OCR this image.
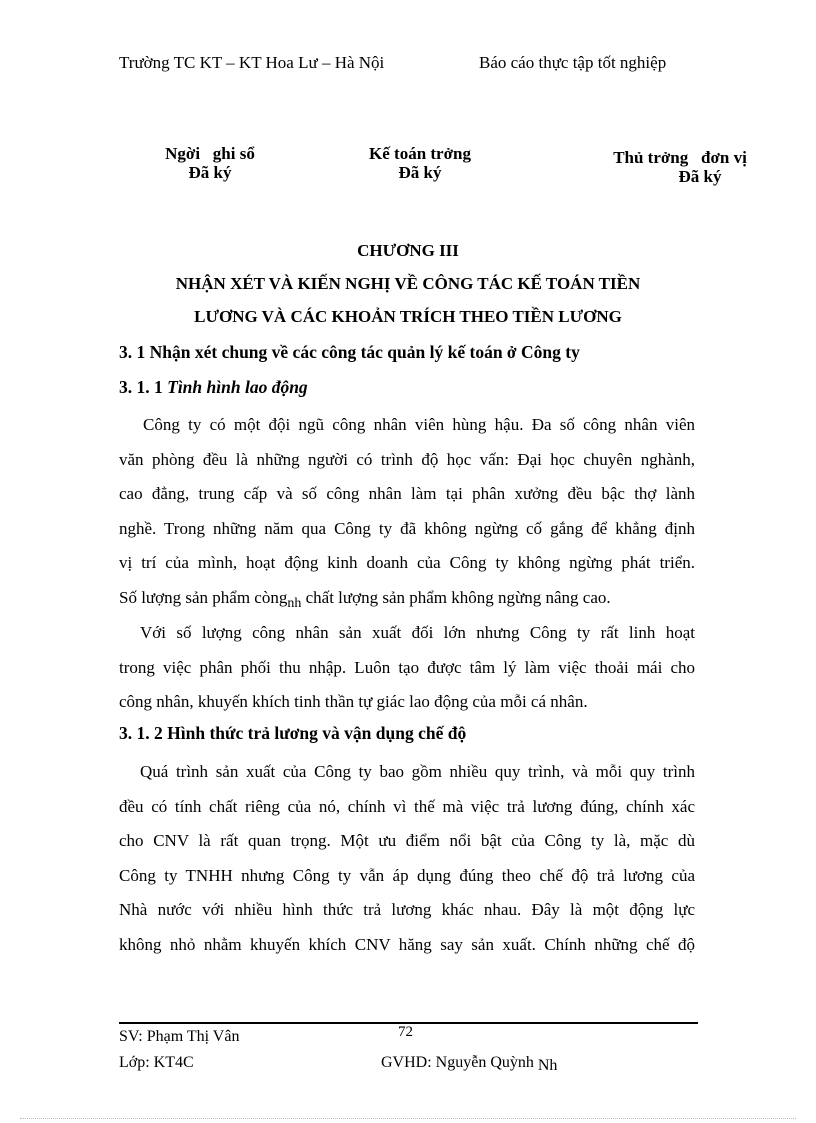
Trường TC KT – KT Hoa Lư – Hà Nội	Báo cáo thực tập tốt nghiệp
Ngời   ghi sổ
Đã ký
Kế toán trởng
Đã ký
Thủ trởng   đơn vị
Đã ký
CHƯƠNG III
NHẬN XÉT VÀ KIẾN NGHỊ VỀ CÔNG TÁC KẾ TOÁN TIỀN
LƯƠNG VÀ CÁC KHOẢN TRÍCH THEO TIỀN LƯƠNG
3. 1 Nhận xét chung về các công tác quản lý kế toán ở Công ty
3. 1. 1 Tình hình lao động
Công ty có một đội ngũ công nhân viên hùng hậu. Đa số công nhân viên
văn phòng đều là những người có trình độ học vấn: Đại học chuyên nghành,
cao đẳng, trung cấp và số công nhân làm tại phân xưởng đều bậc thợ lành
nghề. Trong những năm qua Công ty đã không ngừng cố gắng để khẳng định
vị trí của mình, hoạt động kinh doanh của Công ty không ngừng phát triển.
Số lượng sản phẩm còng$_{nh}$ chất lượng sản phẩm không ngừng nâng cao.
Với số lượng công nhân sản xuất đối lớn nhưng Công ty rất linh hoạt
trong việc phân phối thu nhập. Luôn tạo được tâm lý làm việc thoải mái cho
công nhân, khuyến khích tinh thần tự giác lao động của mỗi cá nhân.
3. 1. 2 Hình thức trả lương và vận dụng chế độ
Quá trình sản xuất của Công ty bao gồm nhiều quy trình, và mỗi quy trình
đều có tính chất riêng của nó, chính vì thế mà việc trả lương đúng, chính xác
cho CNV là rất quan trọng. Một ưu điểm nổi bật của Công ty là, mặc dù
Công ty TNHH nhưng Công ty vẫn áp dụng đúng theo chế độ trả lương của
Nhà nước với nhiều hình thức trả lương khác nhau. Đây là một động lực
không nhỏ nhằm khuyến khích CNV hăng say sản xuất. Chính những chế độ
SV: Phạm Thị Vân	72
Lớp: KT4C	GVHD: Nguyễn Quỳnh Nh
